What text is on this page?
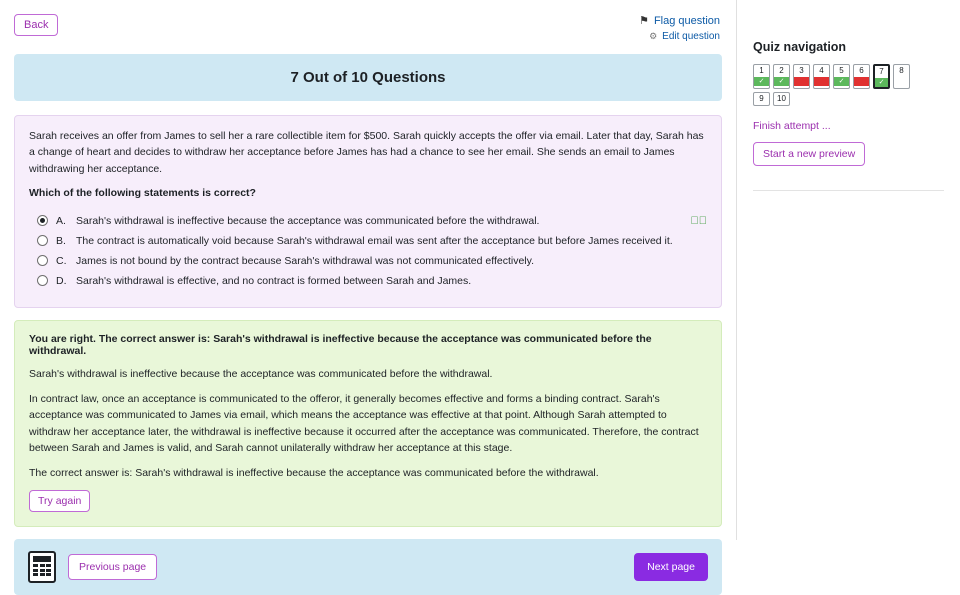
Back	⚑ Flag question
⚙ Edit question
7 Out of 10 Questions
Sarah receives an offer from James to sell her a rare collectible item for $500. Sarah quickly accepts the offer via email. Later that day, Sarah has a change of heart and decides to withdraw her acceptance before James has had a chance to see her email. She sends an email to James withdrawing her acceptance.
Which of the following statements is correct?
A. Sarah's withdrawal is ineffective because the acceptance was communicated before the withdrawal.	✔⃝
B. The contract is automatically void because Sarah's withdrawal email was sent after the acceptance but before James received it.
C. James is not bound by the contract because Sarah's withdrawal was not communicated effectively.
D. Sarah's withdrawal is effective, and no contract is formed between Sarah and James.
You are right. The correct answer is: Sarah's withdrawal is ineffective because the acceptance was communicated before the withdrawal.

Sarah's withdrawal is ineffective because the acceptance was communicated before the withdrawal.

In contract law, once an acceptance is communicated to the offeror, it generally becomes effective and forms a binding contract. Sarah's acceptance was communicated to James via email, which means the acceptance was effective at that point. Although Sarah attempted to withdraw her acceptance later, the withdrawal is ineffective because it occurred after the acceptance was communicated. Therefore, the contract between Sarah and James is valid, and Sarah cannot unilaterally withdraw her acceptance at this stage.

The correct answer is: Sarah's withdrawal is ineffective because the acceptance was communicated before the withdrawal.

Try again
Previous page	Next page
Quiz navigation
1
✓
2
✓
3	4	5
✓
6	7
✓
8
9	10
Finish attempt ...
Start a new preview
